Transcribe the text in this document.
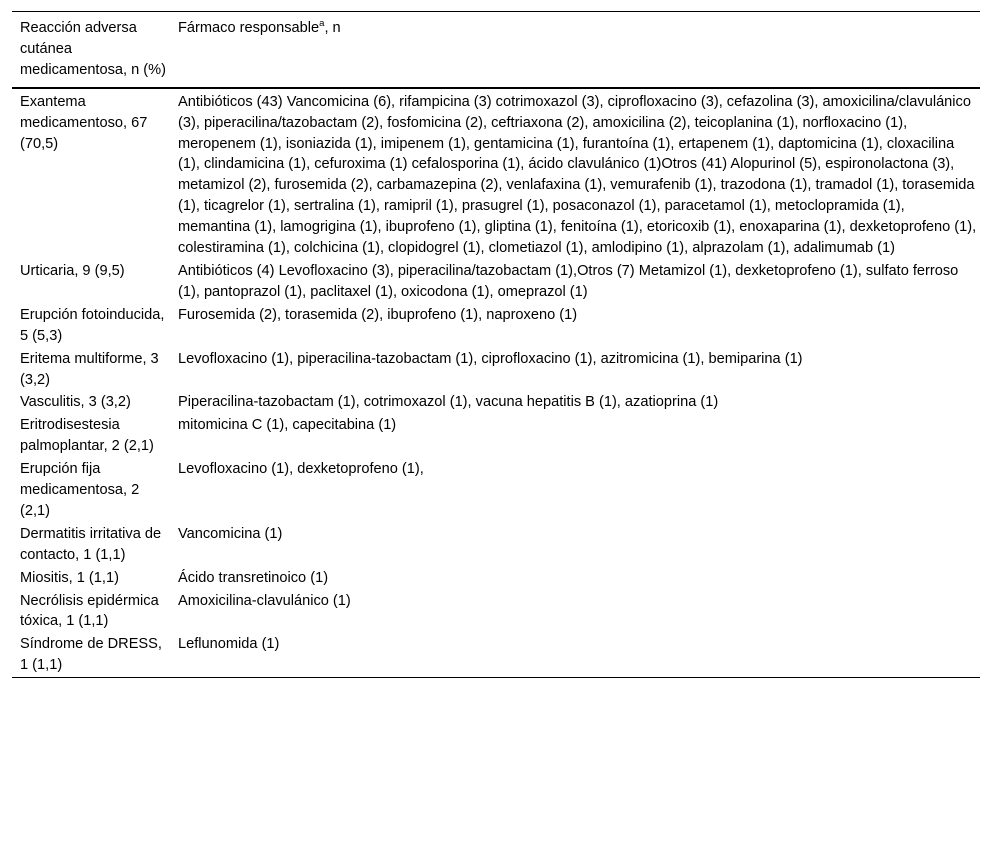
Reacción adversa cutánea medicamentosa, n (%)	Fármaco responsable$^a$, n
Exantema medicamentoso, 67 (70,5)	Antibióticos (43) Vancomicina (6), rifampicina (3) cotrimoxazol (3), ciprofloxacino (3), cefazolina (3), amoxicilina/clavulánico (3), piperacilina/tazobactam (2), fosfomicina (2), ceftriaxona (2), amoxicilina (2), teicoplanina (1), norfloxacino (1), meropenem (1), isoniazida (1), imipenem (1), gentamicina (1), furantoína (1), ertapenem (1), daptomicina (1), cloxacilina (1), clindamicina (1), cefuroxima (1) cefalosporina (1), ácido clavulánico (1)Otros (41) Alopurinol (5), espironolactona (3), metamizol (2), furosemida (2), carbamazepina (2), venlafaxina (1), vemurafenib (1), trazodona (1), tramadol (1), torasemida (1), ticagrelor (1), sertralina (1), ramipril (1), prasugrel (1), posaconazol (1), paracetamol (1), metoclopramida (1), memantina (1), lamogrigina (1), ibuprofeno (1), gliptina (1), fenitoína (1), etoricoxib (1), enoxaparina (1), dexketoprofeno (1), colestiramina (1), colchicina (1), clopidogrel (1), clometiazol (1), amlodipino (1), alprazolam (1), adalimumab (1)
Urticaria, 9 (9,5)	Antibióticos (4) Levofloxacino (3), piperacilina/tazobactam (1),Otros (7) Metamizol (1), dexketoprofeno (1), sulfato ferroso (1), pantoprazol (1), paclitaxel (1), oxicodona (1), omeprazol (1)
Erupción fotoinducida, 5 (5,3)	Furosemida (2), torasemida (2), ibuprofeno (1), naproxeno (1)
Eritema multiforme, 3 (3,2)	Levofloxacino (1), piperacilina-tazobactam (1), ciprofloxacino (1), azitromicina (1), bemiparina (1)
Vasculitis, 3 (3,2)	Piperacilina-tazobactam (1), cotrimoxazol (1), vacuna hepatitis B (1), azatioprina (1)
Eritrodisestesia palmoplantar, 2 (2,1)	mitomicina C (1), capecitabina (1)
Erupción fija medicamentosa, 2 (2,1)	Levofloxacino (1), dexketoprofeno (1),
Dermatitis irritativa de contacto, 1 (1,1)	Vancomicina (1)
Miositis, 1 (1,1)	Ácido transretinoico (1)
Necrólisis epidérmica tóxica, 1 (1,1)	Amoxicilina-clavulánico (1)
Síndrome de DRESS, 1 (1,1)	Leflunomida (1)
